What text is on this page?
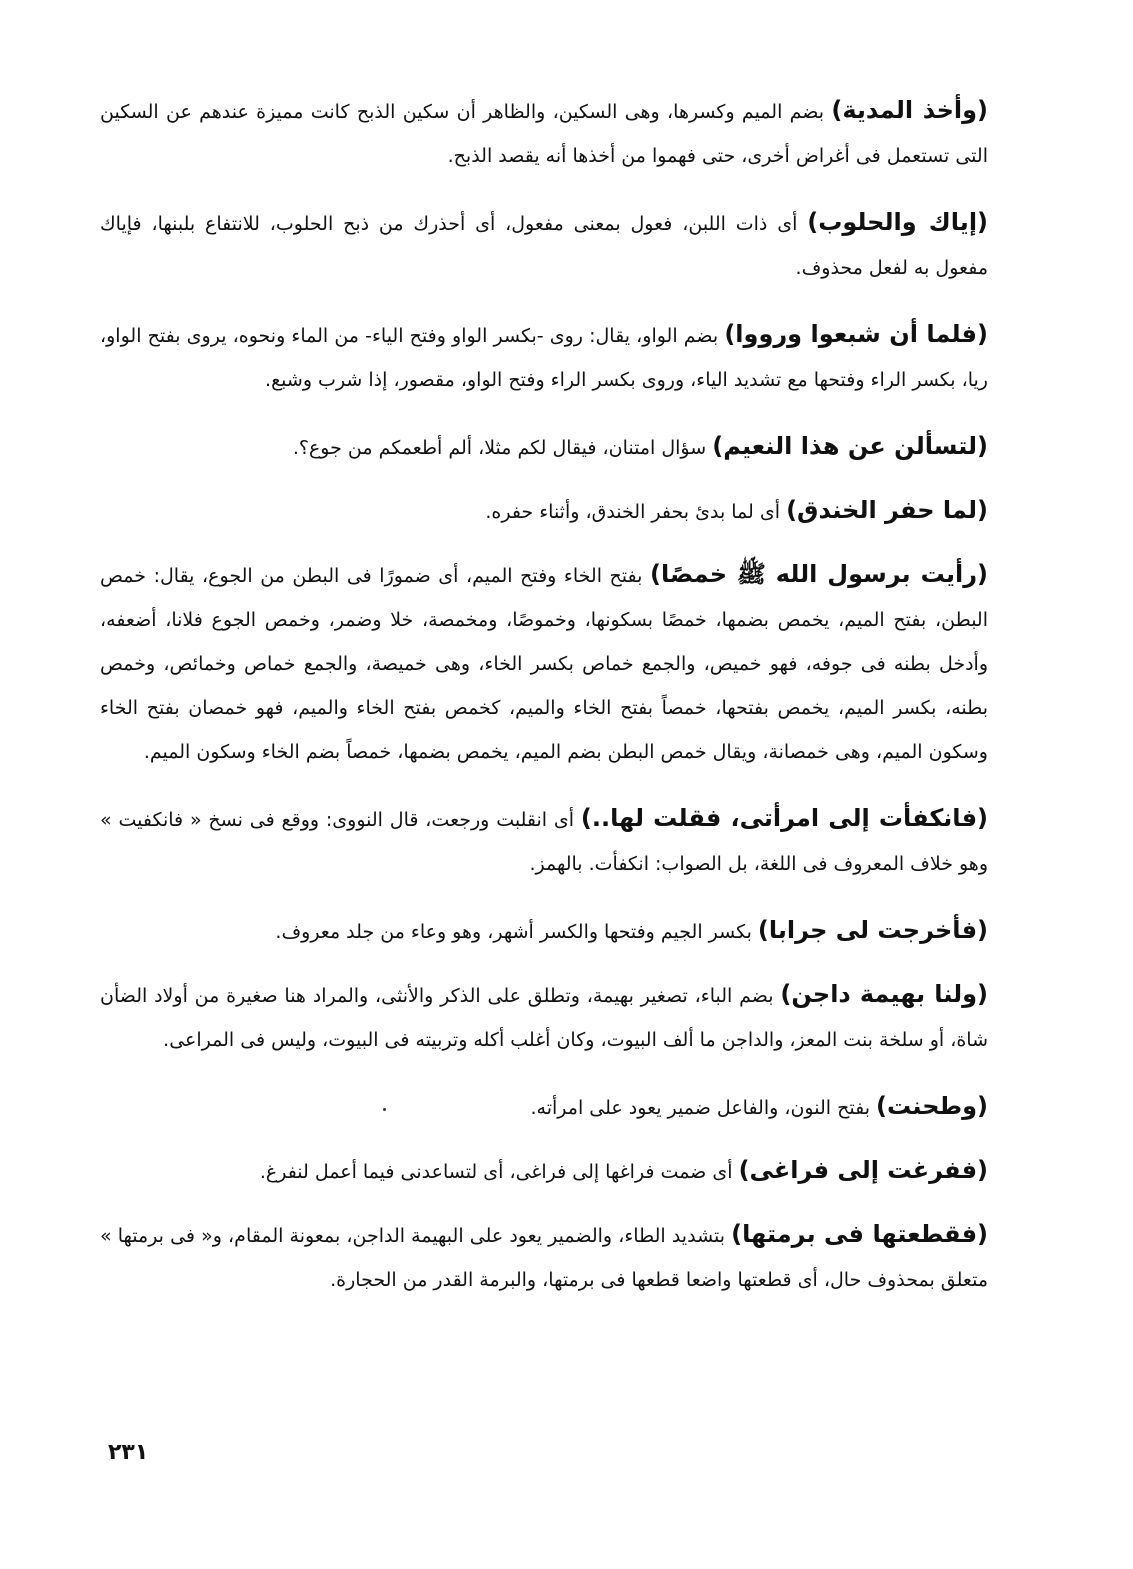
(وأخذ المدية) بضم الميم وكسرها، وهى السكين، والظاهر أن سكين الذبح كانت مميزة عندهم عن السكين التى تستعمل فى أغراض أخرى، حتى فهموا من أخذها أنه يقصد الذبح.

(إياك والحلوب) أى ذات اللبن، فعول بمعنى مفعول، أى أحذرك من ذبح الحلوب، للانتفاع بلبنها، فإياك مفعول به لفعل محذوف.

(فلما أن شبعوا ورووا) بضم الواو، يقال: روى -بكسر الواو وفتح الياء- من الماء ونحوه، يروى بفتح الواو، ريا، بكسر الراء وفتحها مع تشديد الياء، وروى بكسر الراء وفتح الواو، مقصور، إذا شرب وشبع.

(لتسألن عن هذا النعيم) سؤال امتنان، فيقال لكم مثلا، ألم أطعمكم من جوع؟.

(لما حفر الخندق) أى لما بدئ بحفر الخندق، وأثناء حفره.

(رأيت برسول الله ﷺ خمصًا) بفتح الخاء وفتح الميم، أى ضمورًا فى البطن من الجوع، يقال: خمص البطن، بفتح الميم، يخمص بضمها، خمصًا بسكونها، وخموصًا، ومخمصة، خلا وضمر، وخمص الجوع فلانا، أضعفه، وأدخل بطنه فى جوفه، فهو خميص، والجمع خماص بكسر الخاء، وهى خميصة، والجمع خماص وخمائص، وخمص بطنه، بكسر الميم، يخمص بفتحها، خمصاً بفتح الخاء والميم، كخمص بفتح الخاء والميم، فهو خمصان بفتح الخاء وسكون الميم، وهى خمصانة، ويقال خمص البطن بضم الميم، يخمص بضمها، خمصاً بضم الخاء وسكون الميم.

(فانكفأت إلى امرأتى، فقلت لها..) أى انقلبت ورجعت، قال النووى: ووقع فى نسخ « فانكفيت » وهو خلاف المعروف فى اللغة، بل الصواب: انكفأت. بالهمز.

(فأخرجت لى جرابا) بكسر الجيم وفتحها والكسر أشهر، وهو وعاء من جلد معروف.

(ولنا بهيمة داجن) بضم الباء، تصغير بهيمة، وتطلق على الذكر والأنثى، والمراد هنا صغيرة من أولاد الضأن شاة، أو سلخة بنت المعز، والداجن ما ألف البيوت، وكان أغلب أكله وتربيته فى البيوت، وليس فى المراعى.

(وطحنت) بفتح النون، والفاعل ضمير يعود على امرأته.

(ففرغت إلى فراغى) أى ضمت فراغها إلى فراغى، أى لتساعدنى فيما أعمل لنفرغ.

(فقطعتها فى برمتها) بتشديد الطاء، والضمير يعود على البهيمة الداجن، بمعونة المقام، و« فى برمتها » متعلق بمحذوف حال، أى قطعتها واضعا قطعها فى برمتها، والبرمة القدر من الحجارة.

٢٣١
